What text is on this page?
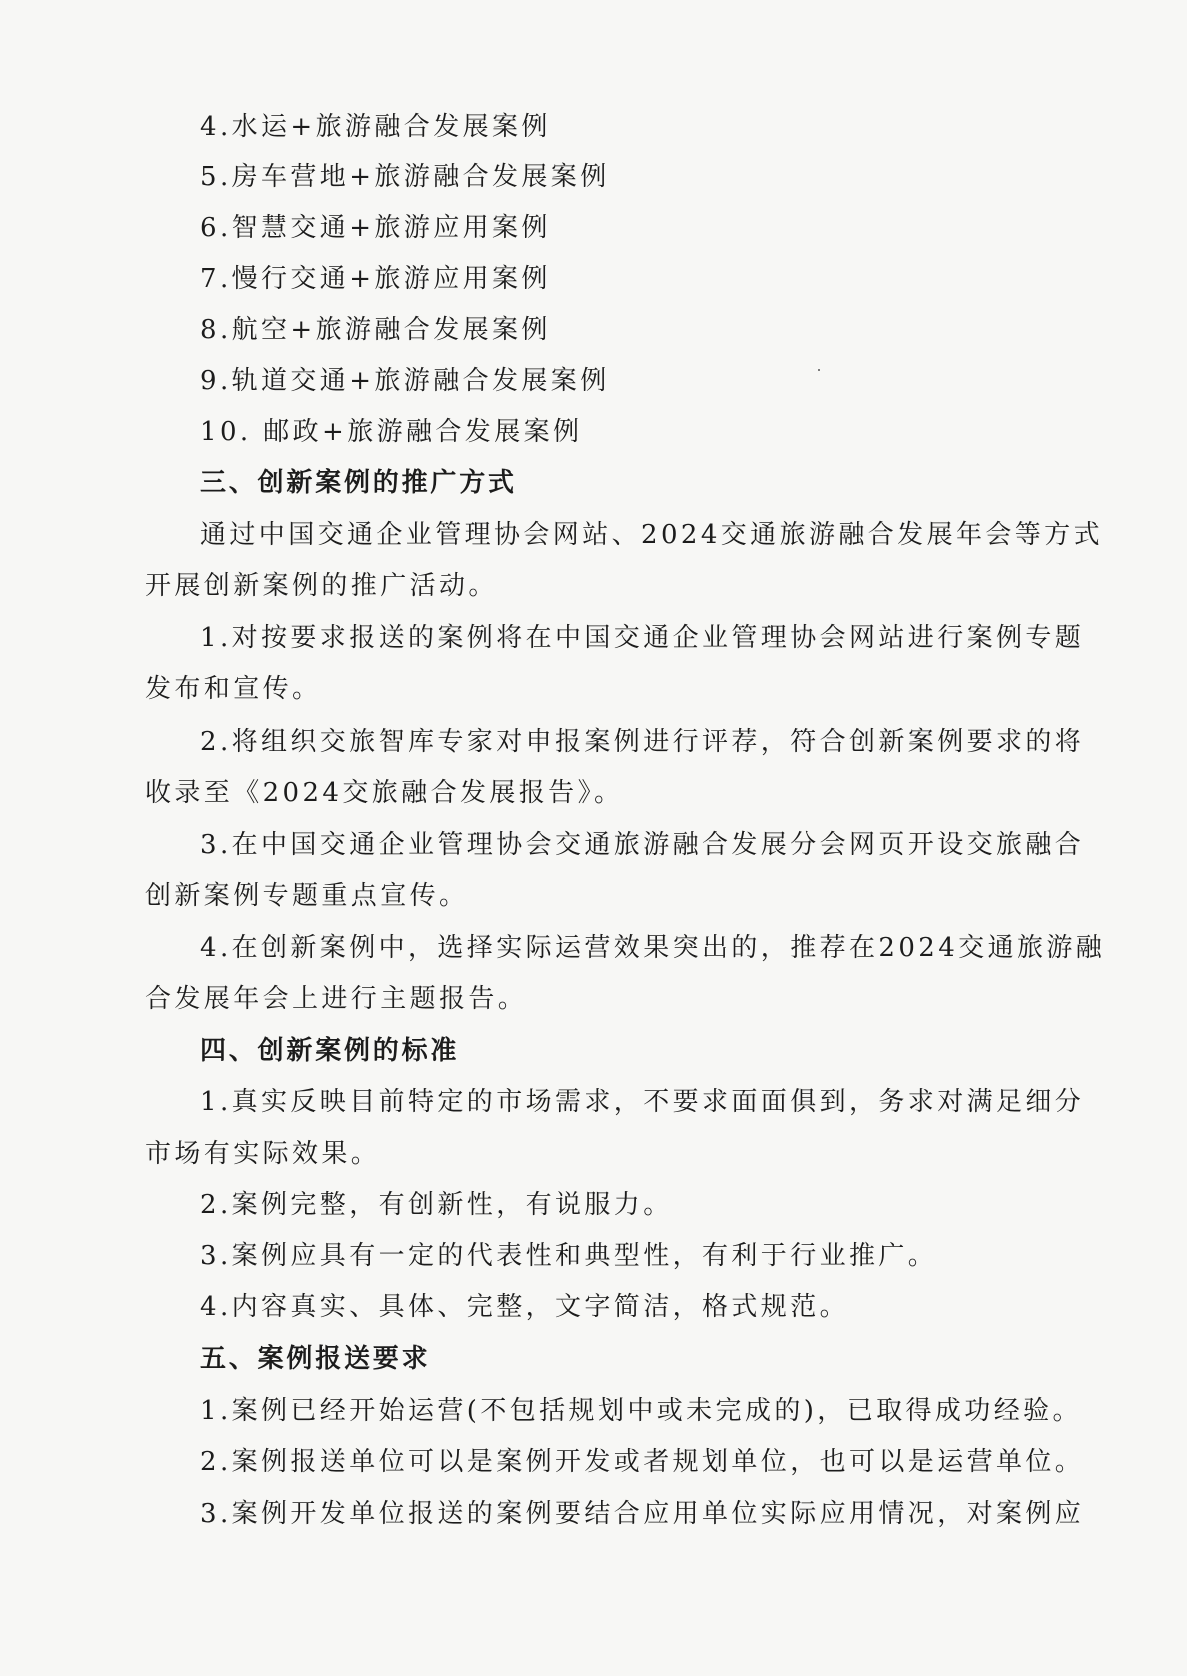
4.水运+旅游融合发展案例
5.房车营地+旅游融合发展案例
6.智慧交通+旅游应用案例
7.慢行交通+旅游应用案例
8.航空+旅游融合发展案例
9.轨道交通+旅游融合发展案例
10. 邮政+旅游融合发展案例
三、创新案例的推广方式
通过中国交通企业管理协会网站、2024交通旅游融合发展年会等方式
开展创新案例的推广活动。
1.对按要求报送的案例将在中国交通企业管理协会网站进行案例专题
发布和宣传。
2.将组织交旅智库专家对申报案例进行评荐，符合创新案例要求的将
收录至《2024交旅融合发展报告》。
3.在中国交通企业管理协会交通旅游融合发展分会网页开设交旅融合
创新案例专题重点宣传。
4.在创新案例中，选择实际运营效果突出的，推荐在2024交通旅游融
合发展年会上进行主题报告。
四、创新案例的标准
1.真实反映目前特定的市场需求，不要求面面俱到，务求对满足细分
市场有实际效果。
2.案例完整，有创新性，有说服力。
3.案例应具有一定的代表性和典型性，有利于行业推广。
4.内容真实、具体、完整，文字简洁，格式规范。
五、案例报送要求
1.案例已经开始运营(不包括规划中或未完成的)，已取得成功经验。
2.案例报送单位可以是案例开发或者规划单位，也可以是运营单位。
3.案例开发单位报送的案例要结合应用单位实际应用情况，对案例应
